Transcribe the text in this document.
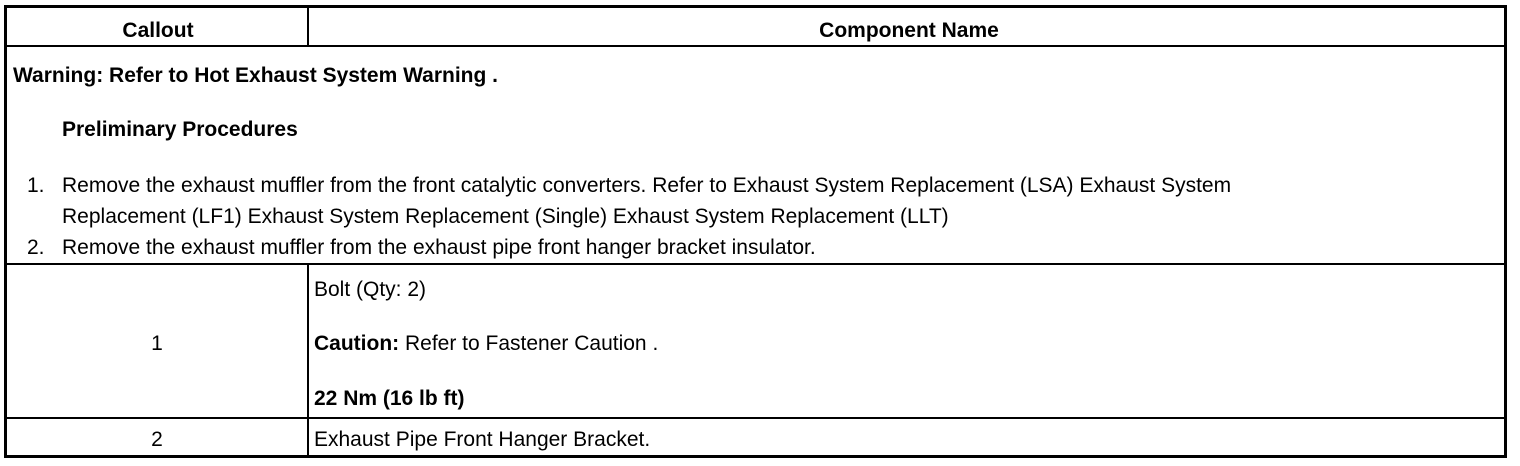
Callout	Component Name
Warning: Refer to Hot Exhaust System Warning .
Preliminary Procedures
1. Remove the exhaust muffler from the front catalytic converters. Refer to Exhaust System Replacement (LSA) Exhaust System
Replacement (LF1) Exhaust System Replacement (Single) Exhaust System Replacement (LLT)
2. Remove the exhaust muffler from the exhaust pipe front hanger bracket insulator.
1
Bolt (Qty: 2)
Caution: Refer to Fastener Caution .
22 Nm (16 lb ft)
2	Exhaust Pipe Front Hanger Bracket.
